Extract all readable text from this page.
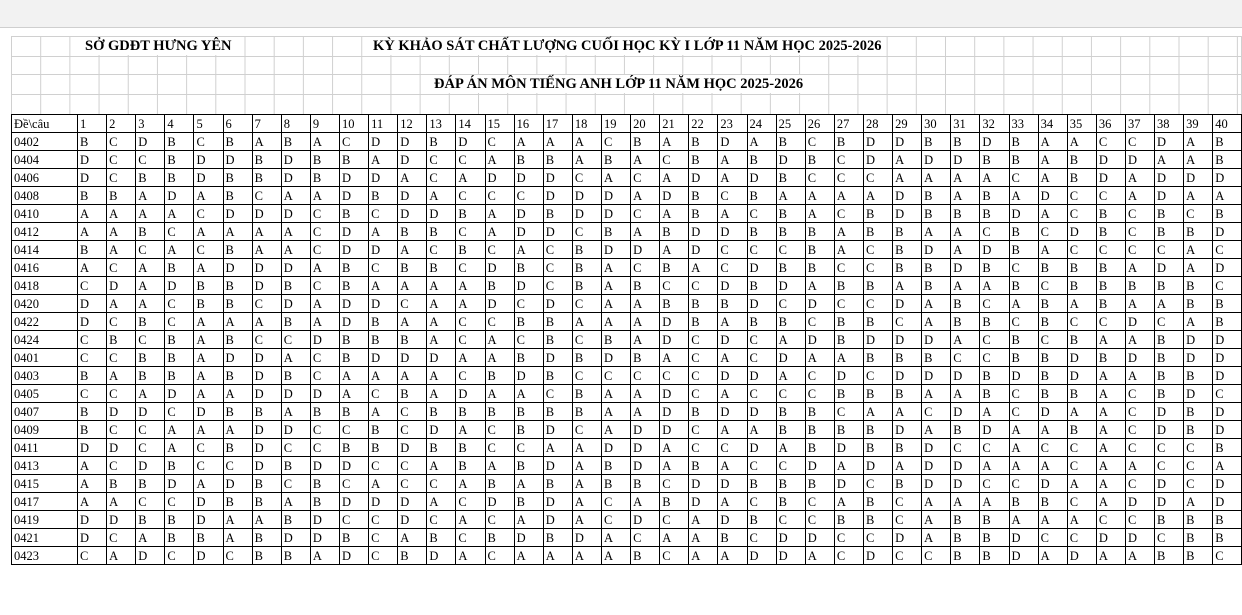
SỞ GDĐT HƯNG YÊN	KỲ KHẢO SÁT CHẤT LƯỢNG CUỐI HỌC KỲ I LỚP 11 NĂM HỌC 2025-2026
ĐÁP ÁN MÔN TIẾNG ANH LỚP 11 NĂM HỌC 2025-2026
Đề\câu	1	2	3	4	5	6	7	8	9	10	11	12	13	14	15	16	17	18	19	20	21	22	23	24	25	26	27	28	29	30	31	32	33	34	35	36	37	38	39	40
0402	B	C	D	B	C	B	A	B	A	C	D	D	B	D	C	A	A	A	C	B	A	B	D	A	B	C	B	D	D	B	B	D	B	A	A	C	C	D	A	B
0404	D	C	C	B	D	D	B	D	B	B	A	D	C	C	A	B	B	A	B	A	C	B	A	B	D	B	C	D	A	D	D	B	B	A	B	D	D	A	A	B
0406	D	C	B	B	D	B	B	D	B	D	D	A	C	A	D	D	D	C	A	C	A	D	A	D	B	C	C	C	A	A	A	A	C	A	B	D	A	D	D	D
0408	B	B	A	D	A	B	C	A	A	D	B	D	A	C	C	C	D	D	D	A	D	B	C	B	A	A	A	A	D	B	A	B	A	D	C	C	A	D	A	A
0410	A	A	A	A	C	D	D	D	C	B	C	D	D	B	A	D	B	D	D	C	A	B	A	C	B	A	C	B	D	B	B	B	D	A	C	B	C	B	C	B
0412	A	A	B	C	A	A	A	A	C	D	A	B	B	C	A	D	D	C	B	A	B	D	D	B	B	B	A	B	B	A	A	C	B	C	D	B	C	B	B	D
0414	B	A	C	A	C	B	A	A	C	D	D	A	C	B	C	A	C	B	D	D	A	D	C	C	C	B	A	C	B	D	A	D	B	A	C	C	C	C	A	C
0416	A	C	A	B	A	D	D	D	A	B	C	B	B	C	D	B	C	B	A	C	B	A	C	D	B	B	C	C	B	B	D	B	C	B	B	B	A	D	A	D
0418	C	D	A	D	B	B	D	B	C	B	A	A	A	A	B	D	C	B	A	B	C	C	D	B	D	A	B	B	A	B	A	A	B	C	B	B	B	B	B	C
0420	D	A	A	C	B	B	C	D	A	D	D	C	A	A	D	C	D	C	A	A	B	B	B	D	C	D	C	C	D	A	B	C	A	B	A	B	A	A	B	B
0422	D	C	B	C	A	A	A	B	A	D	B	A	A	C	C	B	B	A	A	A	D	B	A	B	B	C	B	B	C	A	B	B	C	B	C	C	D	C	A	B
0424	C	B	C	B	A	B	C	C	D	B	B	B	A	C	A	C	B	C	B	A	D	C	D	C	A	D	B	D	D	D	A	C	B	C	B	A	A	B	D	D
0401	C	C	B	B	A	D	D	A	C	B	D	D	D	A	A	B	D	B	D	B	A	C	A	C	D	A	A	B	B	B	C	C	B	B	D	B	D	B	D	D
0403	B	A	B	B	A	B	D	B	C	A	A	A	A	C	B	D	B	C	C	C	C	C	D	D	A	C	D	C	D	D	D	B	D	B	D	A	A	B	B	D
0405	C	C	A	D	A	A	D	D	D	A	C	B	A	D	A	A	C	B	A	A	D	C	A	C	C	C	B	B	B	A	A	B	C	B	B	A	C	B	D	C
0407	B	D	D	C	D	B	B	A	B	B	A	C	B	B	B	B	B	B	A	A	D	B	D	D	B	B	C	A	A	C	D	A	C	D	A	A	C	D	B	D
0409	B	C	C	A	A	A	D	D	C	C	B	C	D	A	C	B	D	C	A	D	D	C	A	A	B	B	B	B	D	A	B	D	A	A	B	A	C	D	B	D
0411	D	D	C	A	C	B	D	C	C	B	B	D	B	B	C	C	A	A	D	D	A	C	C	D	A	B	D	B	B	D	C	C	A	C	C	A	C	C	C	B
0413	A	C	D	B	C	C	D	B	D	D	C	C	A	B	A	B	D	A	B	D	A	B	A	C	C	D	A	D	A	D	D	A	A	A	C	A	A	C	C	A
0415	A	B	B	D	A	D	B	C	B	C	A	C	C	A	B	A	B	A	B	B	C	D	D	B	B	B	D	C	B	D	D	C	C	D	A	A	C	D	C	D
0417	A	A	C	C	D	B	B	A	B	D	D	D	A	C	D	B	D	A	C	A	B	D	A	C	B	C	A	B	C	A	A	A	B	B	C	A	D	D	A	D
0419	D	D	B	B	D	A	A	B	D	C	C	D	C	A	C	A	D	A	C	D	C	A	D	B	C	C	B	B	C	A	B	B	A	A	A	C	C	B	B	B
0421	D	C	A	B	B	A	B	D	D	B	C	A	B	C	B	D	B	D	A	C	A	A	B	C	D	D	C	C	D	A	B	B	D	C	C	D	D	C	B	B
0423	C	A	D	C	D	C	B	B	A	D	C	B	D	A	C	A	A	A	A	B	C	A	A	D	D	A	C	D	C	C	B	B	D	A	D	A	A	B	B	C
